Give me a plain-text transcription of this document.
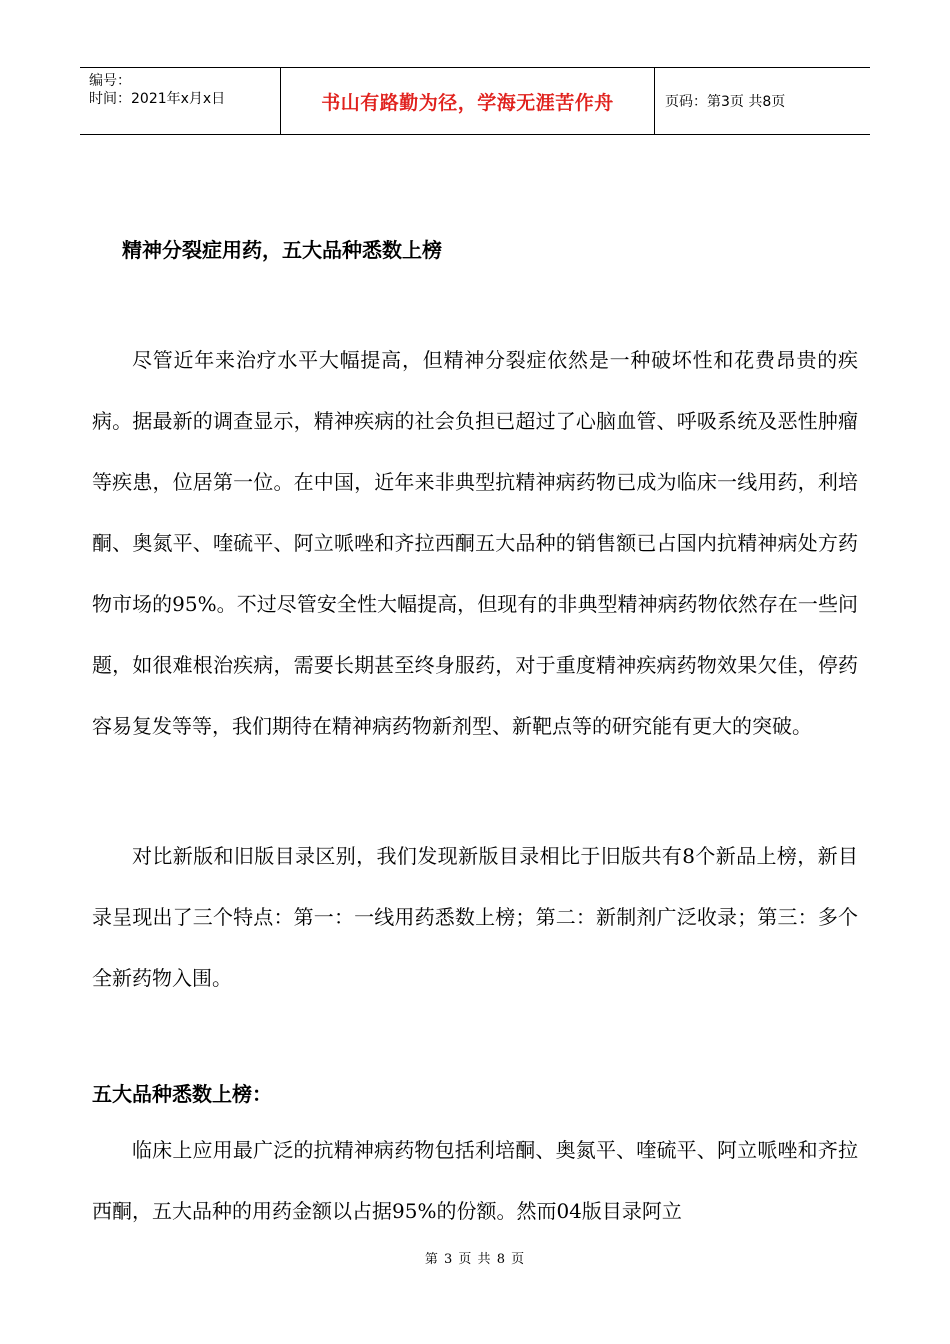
编号：
时间：2021年x月x日	书山有路勤为径，学海无涯苦作舟	页码：第3页 共8页
精神分裂症用药，五大品种悉数上榜

尽管近年来治疗水平大幅提高，但精神分裂症依然是一种破坏性和花费昂贵的疾病。据最新的调查显示，精神疾病的社会负担已超过了心脑血管、呼吸系统及恶性肿瘤等疾患，位居第一位。在中国，近年来非典型抗精神病药物已成为临床一线用药，利培酮、奥氮平、喹硫平、阿立哌唑和齐拉西酮五大品种的销售额已占国内抗精神病处方药物市场的95%。不过尽管安全性大幅提高，但现有的非典型精神病药物依然存在一些问题，如很难根治疾病，需要长期甚至终身服药，对于重度精神疾病药物效果欠佳，停药容易复发等等，我们期待在精神病药物新剂型、新靶点等的研究能有更大的突破。

对比新版和旧版目录区别，我们发现新版目录相比于旧版共有8个新品上榜，新目录呈现出了三个特点：第一：一线用药悉数上榜；第二：新制剂广泛收录；第三：多个全新药物入围。

五大品种悉数上榜：

临床上应用最广泛的抗精神病药物包括利培酮、奥氮平、喹硫平、阿立哌唑和齐拉西酮，五大品种的用药金额以占据95%的份额。然而04版目录阿立

第 3 页 共 8 页
